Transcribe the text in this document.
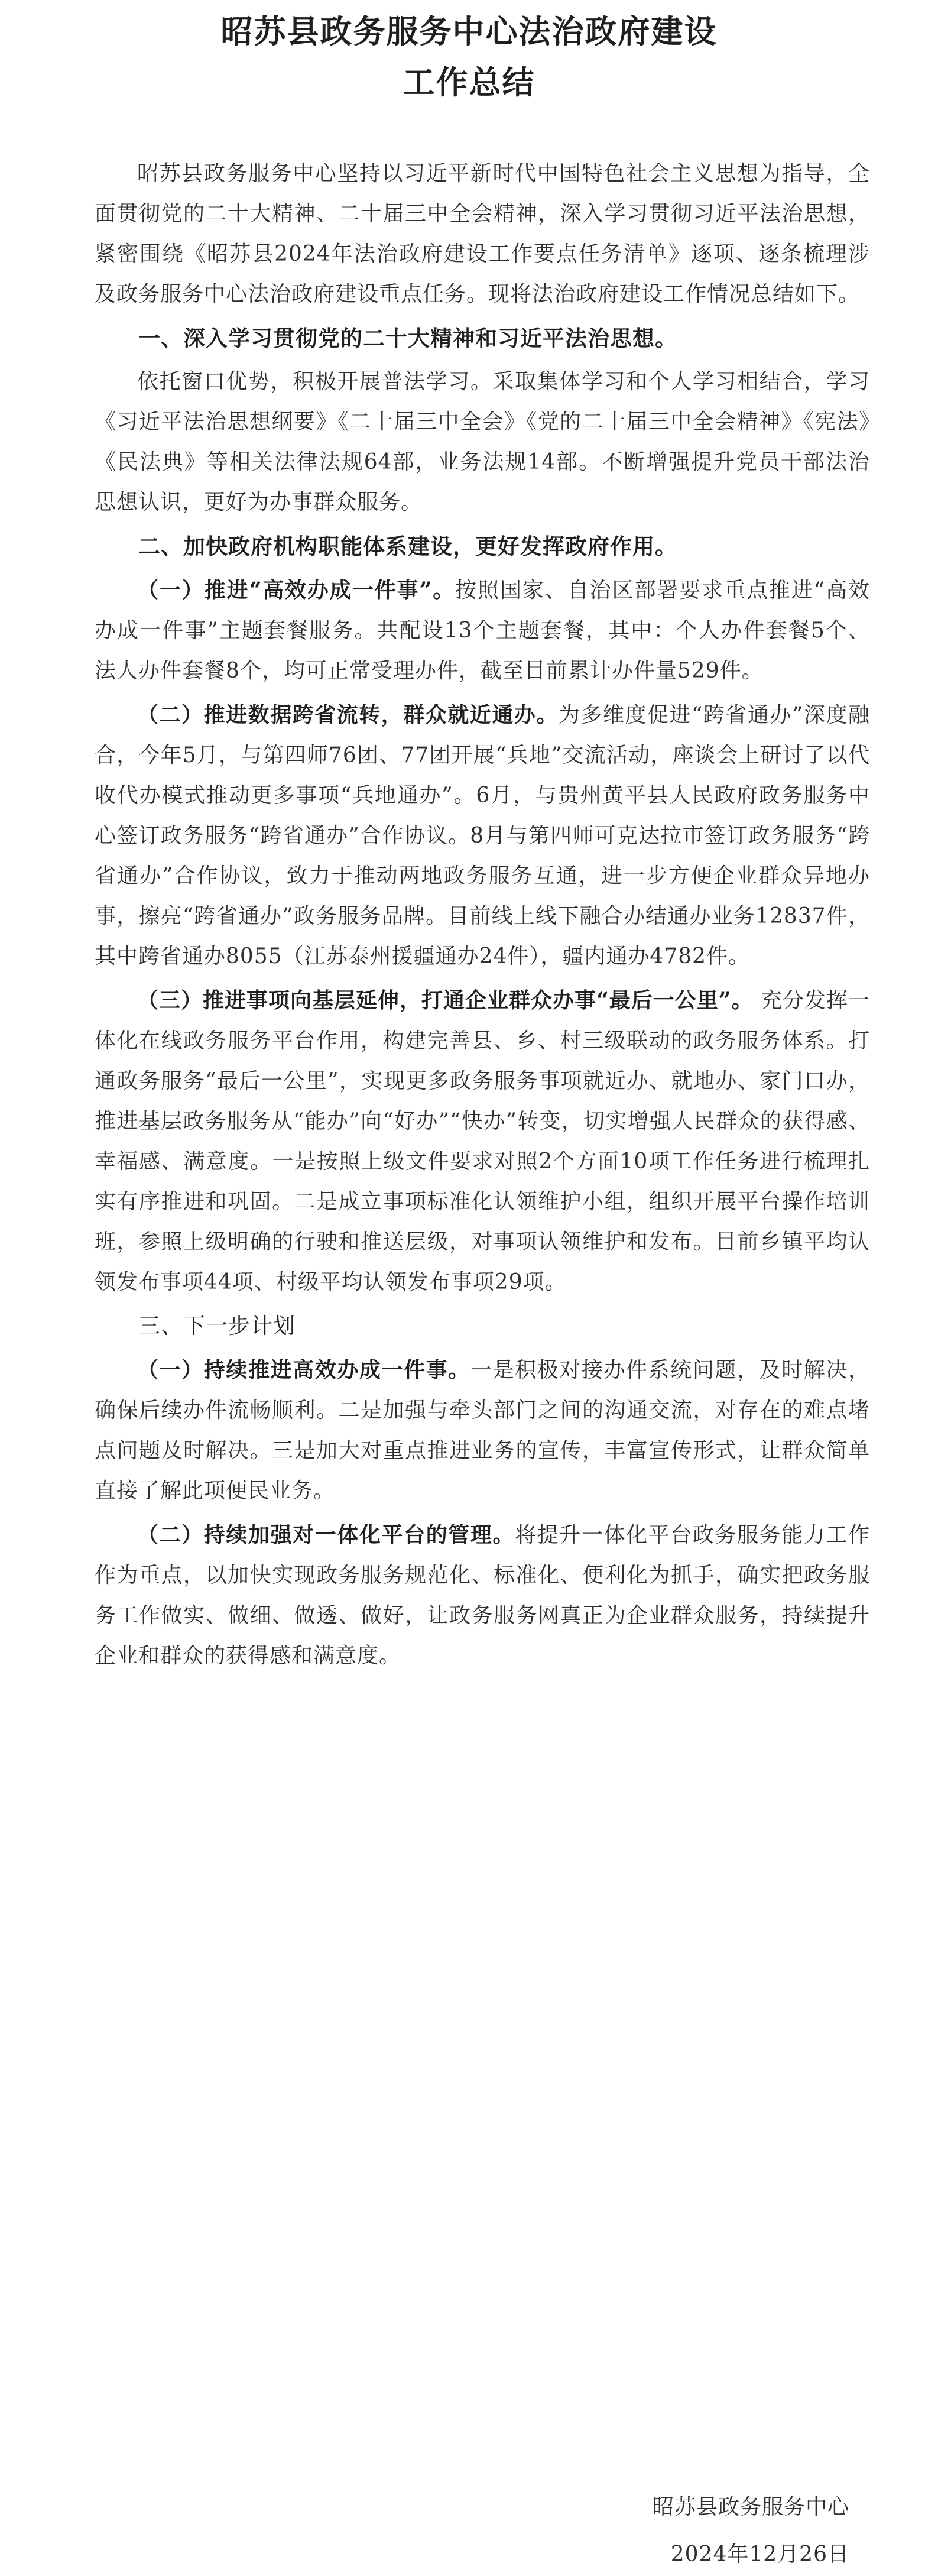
昭苏县政务服务中心法治政府建设
工作总结

昭苏县政务服务中心坚持以习近平新时代中国特色社会主义思想为指导，全面贯彻党的二十大精神、二十届三中全会精神，深入学习贯彻习近平法治思想，紧密围绕《昭苏县2024年法治政府建设工作要点任务清单》逐项、逐条梳理涉及政务服务中心法治政府建设重点任务。现将法治政府建设工作情况总结如下。

一、深入学习贯彻党的二十大精神和习近平法治思想。

依托窗口优势，积极开展普法学习。采取集体学习和个人学习相结合，学习《习近平法治思想纲要》《二十届三中全会》《党的二十届三中全会精神》《宪法》《民法典》等相关法律法规64部，业务法规14部。不断增强提升党员干部法治思想认识，更好为办事群众服务。

二、加快政府机构职能体系建设，更好发挥政府作用。

（一）推进“高效办成一件事”。按照国家、自治区部署要求重点推进“高效办成一件事”主题套餐服务。共配设13个主题套餐，其中：个人办件套餐5个、法人办件套餐8个，均可正常受理办件，截至目前累计办件量529件。

（二）推进数据跨省流转，群众就近通办。为多维度促进“跨省通办”深度融合，今年5月，与第四师76团、77团开展“兵地”交流活动，座谈会上研讨了以代收代办模式推动更多事项“兵地通办”。6月，与贵州黄平县人民政府政务服务中心签订政务服务“跨省通办”合作协议。8月与第四师可克达拉市签订政务服务“跨省通办”合作协议，致力于推动两地政务服务互通，进一步方便企业群众异地办事，擦亮“跨省通办”政务服务品牌。目前线上线下融合办结通办业务12837件，其中跨省通办8055（江苏泰州援疆通办24件），疆内通办4782件。

（三）推进事项向基层延伸，打通企业群众办事“最后一公里”。 充分发挥一体化在线政务服务平台作用，构建完善县、乡、村三级联动的政务服务体系。打通政务服务“最后一公里”，实现更多政务服务事项就近办、就地办、家门口办，推进基层政务服务从“能办”向“好办”“快办”转变，切实增强人民群众的获得感、幸福感、满意度。一是按照上级文件要求对照2个方面10项工作任务进行梳理扎实有序推进和巩固。二是成立事项标准化认领维护小组，组织开展平台操作培训班，参照上级明确的行驶和推送层级，对事项认领维护和发布。目前乡镇平均认领发布事项44项、村级平均认领发布事项29项。

三、下一步计划

（一）持续推进高效办成一件事。一是积极对接办件系统问题，及时解决，确保后续办件流畅顺利。二是加强与牵头部门之间的沟通交流，对存在的难点堵点问题及时解决。三是加大对重点推进业务的宣传，丰富宣传形式，让群众简单直接了解此项便民业务。

（二）持续加强对一体化平台的管理。将提升一体化平台政务服务能力工作作为重点，以加快实现政务服务规范化、标准化、便利化为抓手，确实把政务服务工作做实、做细、做透、做好，让政务服务网真正为企业群众服务，持续提升企业和群众的获得感和满意度。

昭苏县政务服务中心
2024年12月26日
